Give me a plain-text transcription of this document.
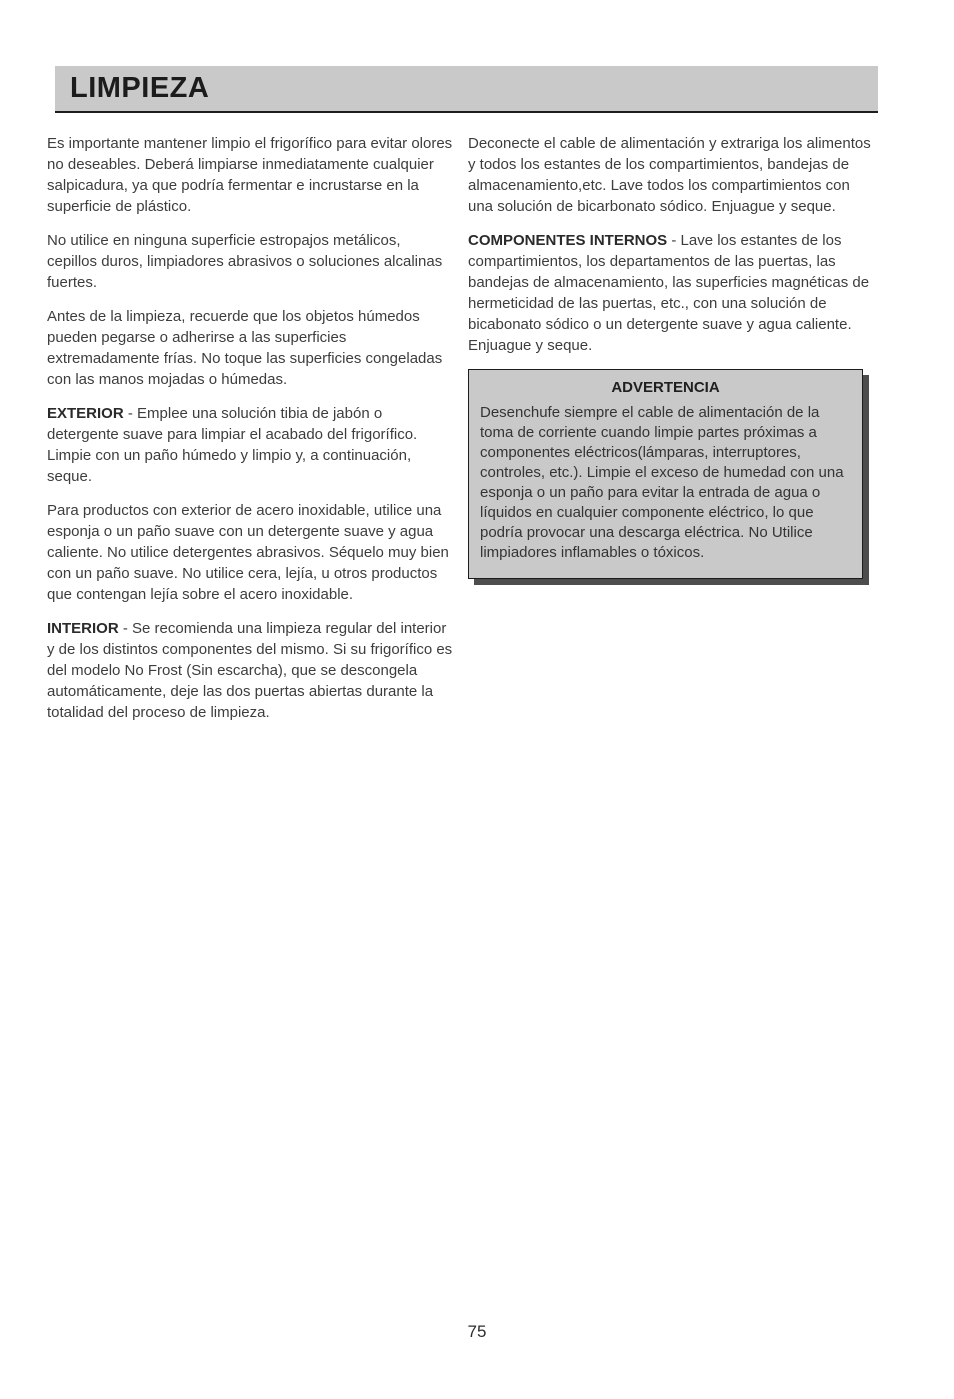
LIMPIEZA

Es importante mantener limpio el frigorífico para evitar olores no deseables. Deberá limpiarse inmediatamente cualquier salpicadura, ya que podría fermentar e incrustarse en la superficie de plástico.

No utilice en ninguna superficie estropajos metálicos, cepillos duros, limpiadores abrasivos o soluciones alcalinas fuertes.

Antes de la limpieza, recuerde que los objetos húmedos pueden pegarse o adherirse a las superficies extremadamente frías. No toque las superficies congeladas con las manos mojadas o húmedas.

EXTERIOR - Emplee una solución tibia de jabón o detergente suave para limpiar el acabado del frigorífico. Limpie con un paño húmedo y limpio y, a continuación, seque.

Para productos con exterior de acero inoxidable, utilice una esponja o un paño suave con un detergente suave y agua caliente. No utilice detergentes abrasivos. Séquelo muy bien con un paño suave. No utilice cera, lejía, u otros productos que contengan lejía sobre el acero inoxidable.

INTERIOR - Se recomienda una limpieza regular del interior y de los distintos componentes del mismo. Si su frigorífico es del modelo No Frost (Sin escarcha), que se descongela automáticamente, deje las dos puertas abiertas durante la totalidad del proceso de limpieza.

Deconecte el cable de alimentación y extrariga los alimentos y todos los estantes de los compartimientos, bandejas de almacenamiento,etc. Lave todos los compartimientos con una solución de bicarbonato sódico. Enjuague y seque.

COMPONENTES INTERNOS - Lave los estantes de los compartimientos, los departamentos de las puertas, las bandejas de almacenamiento, las superficies magnéticas de hermeticidad de las puertas, etc., con una solución de bicabonato sódico o un detergente suave y agua caliente. Enjuague y seque.

ADVERTENCIA
Desenchufe siempre el cable de alimentación de la toma de corriente cuando limpie partes próximas a componentes eléctricos(lámparas, interruptores, controles, etc.). Limpie el exceso de humedad con una esponja o un paño para evitar la entrada de agua o líquidos en cualquier componente eléctrico, lo que podría provocar una descarga eléctrica. No Utilice limpiadores inflamables o tóxicos.
75
